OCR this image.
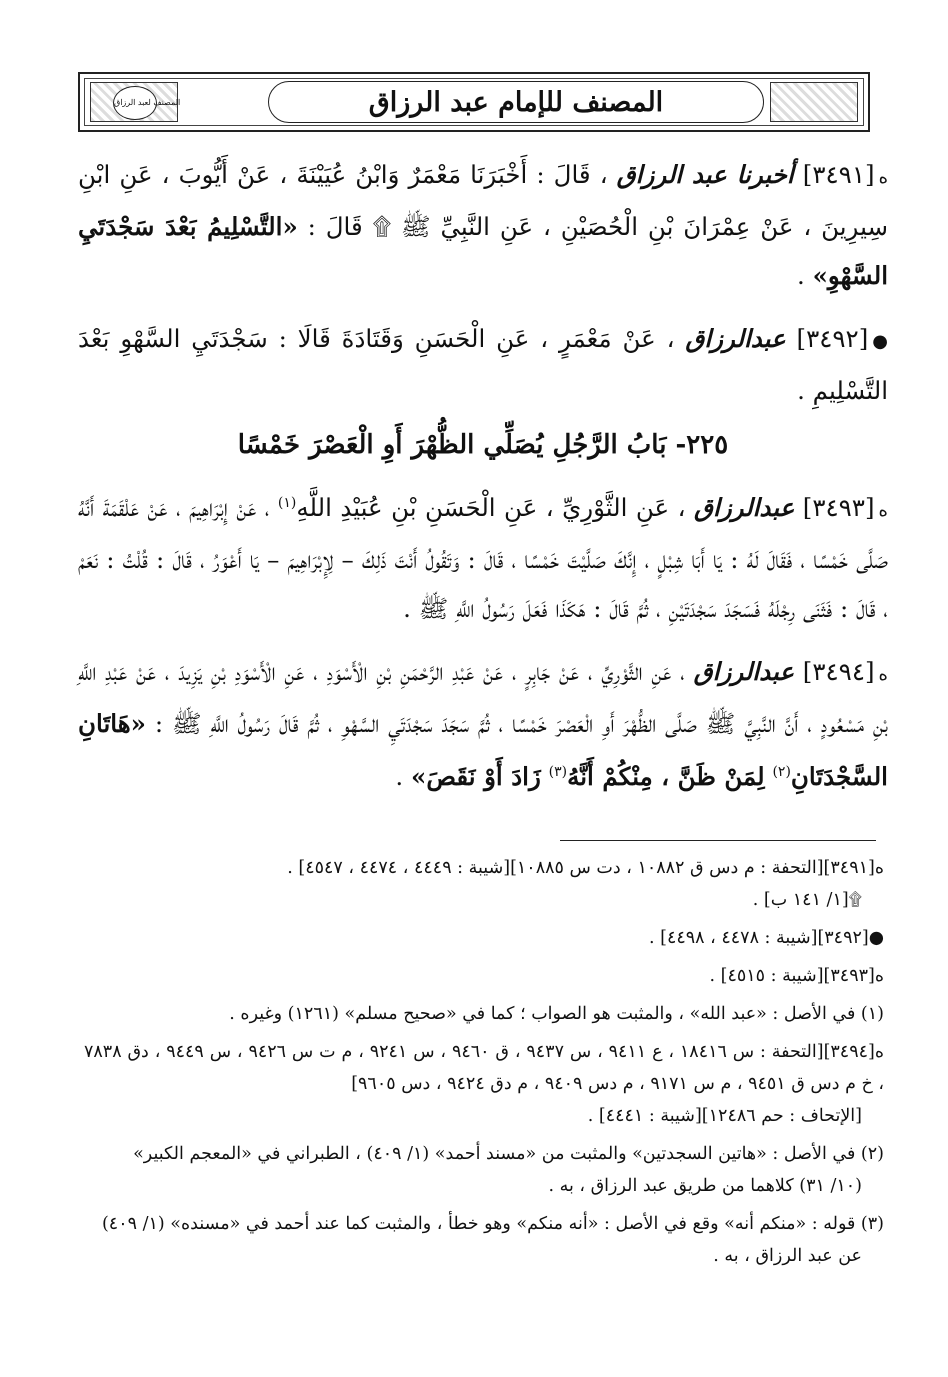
المصنف لعبد الرزاق	المصنف للإمام عبد الرزاق

ه[٣٤٩١] أخبرنا عبد الرزاق ، قَالَ : أَخْبَرَنَا مَعْمَرٌ وَابْنُ عُيَيْنَةَ ، عَنْ أَيُّوبَ ، عَنِ ابْنِ سِيرِينَ ، عَنْ عِمْرَانَ بْنِ الْحُصَيْنِ ، عَنِ النَّبِيِّ ﷺ ۩ قَالَ : «التَّسْلِيمُ بَعْدَ سَجْدَتَيِ السَّهْوِ» .

●[٣٤٩٢] عبدالرزاق ، عَنْ مَعْمَرٍ ، عَنِ الْحَسَنِ وَقَتَادَةَ قَالَا : سَجْدَتَيِ السَّهْوِ بَعْدَ التَّسْلِيمِ .

٢٢٥- بَابُ الرَّجُلِ يُصَلِّي الظُّهْرَ أَوِ الْعَصْرَ خَمْسًا

ه[٣٤٩٣] عبدالرزاق ، عَنِ الثَّوْرِيِّ ، عَنِ الْحَسَنِ بْنِ عُبَيْدِ اللَّهِ$^{(١)}$ ، عَنْ إِبْرَاهِيمَ ، عَنْ عَلْقَمَةَ أَنَّهُ صَلَّى خَمْسًا ، فَقَالَ لَهُ : يَا أَبَا شِبْلٍ ، إِنَّكَ صَلَّيْتَ خَمْسًا ، قَالَ : وَتَقُولُ أَنْتَ ذَلِكَ – لِإِبْرَاهِيمَ – يَا أَعْوَرُ ، قَالَ : قُلْتُ : نَعَمْ ، قَالَ : فَثَنَى رِجْلَهُ فَسَجَدَ سَجْدَتَيْنِ ، ثُمَّ قَالَ : هَكَذَا فَعَلَ رَسُولُ اللَّهِ ﷺ .

ه[٣٤٩٤] عبدالرزاق ، عَنِ الثَّوْرِيِّ ، عَنْ جَابِرٍ ، عَنْ عَبْدِ الرَّحْمَنِ بْنِ الْأَسْوَدِ ، عَنِ الْأَسْوَدِ بْنِ يَزِيدَ ، عَنْ عَبْدِ اللَّهِ بْنِ مَسْعُودٍ ، أَنَّ النَّبِيَّ ﷺ صَلَّى الظُّهْرَ أَوِ الْعَصْرَ خَمْسًا ، ثُمَّ سَجَدَ سَجْدَتَيِ السَّهْوِ ، ثُمَّ قَالَ رَسُولُ اللَّهِ ﷺ : «هَاتَانِ السَّجْدَتَانِ$^{(٢)}$ لِمَنْ ظَنَّ ، مِنْكُمْ أَنَّهُ$^{(٣)}$ زَادَ أَوْ نَقَصَ» .

ه[٣٤٩١][التحفة : م دس ق ١٠٨٨٢ ، دت س ١٠٨٨٥][شيبة : ٤٤٤٩ ، ٤٤٧٤ ، ٤٥٤٧] .
۩[١/ ١٤١ ب] .

●[٣٤٩٢][شيبة : ٤٤٧٨ ، ٤٤٩٨] .

ه[٣٤٩٣][شيبة : ٤٥١٥] .

(١) في الأصل : «عبد الله» ، والمثبت هو الصواب ؛ كما في «صحيح مسلم» (١٢٦١) وغيره .

ه[٣٤٩٤][التحفة : س ١٨٤١٦ ، ع ٩٤١١ ، س ٩٤٣٧ ، ق ٩٤٦٠ ، س ٩٢٤١ ، م ت س ٩٤٢٦ ، س ٩٤٤٩ ، دق ٧٨٣٨ ، خ م دس ق ٩٤٥١ ، م س ٩١٧١ ، م دس ٩٤٠٩ ، م دق ٩٤٢٤ ، دس ٩٦٠٥]
[الإتحاف : حم ١٢٤٨٦][شيبة : ٤٤٤١] .

(٢) في الأصل : «هاتين السجدتين» والمثبت من «مسند أحمد» (١/ ٤٠٩) ، الطبراني في «المعجم الكبير»
(١٠/ ٣١) كلاهما من طريق عبد الرزاق ، به .

(٣) قوله : «منكم أنه» وقع في الأصل : «أنه منكم» وهو خطأ ، والمثبت كما عند أحمد في «مسنده» (١/ ٤٠٩)
عن عبد الرزاق ، به .
